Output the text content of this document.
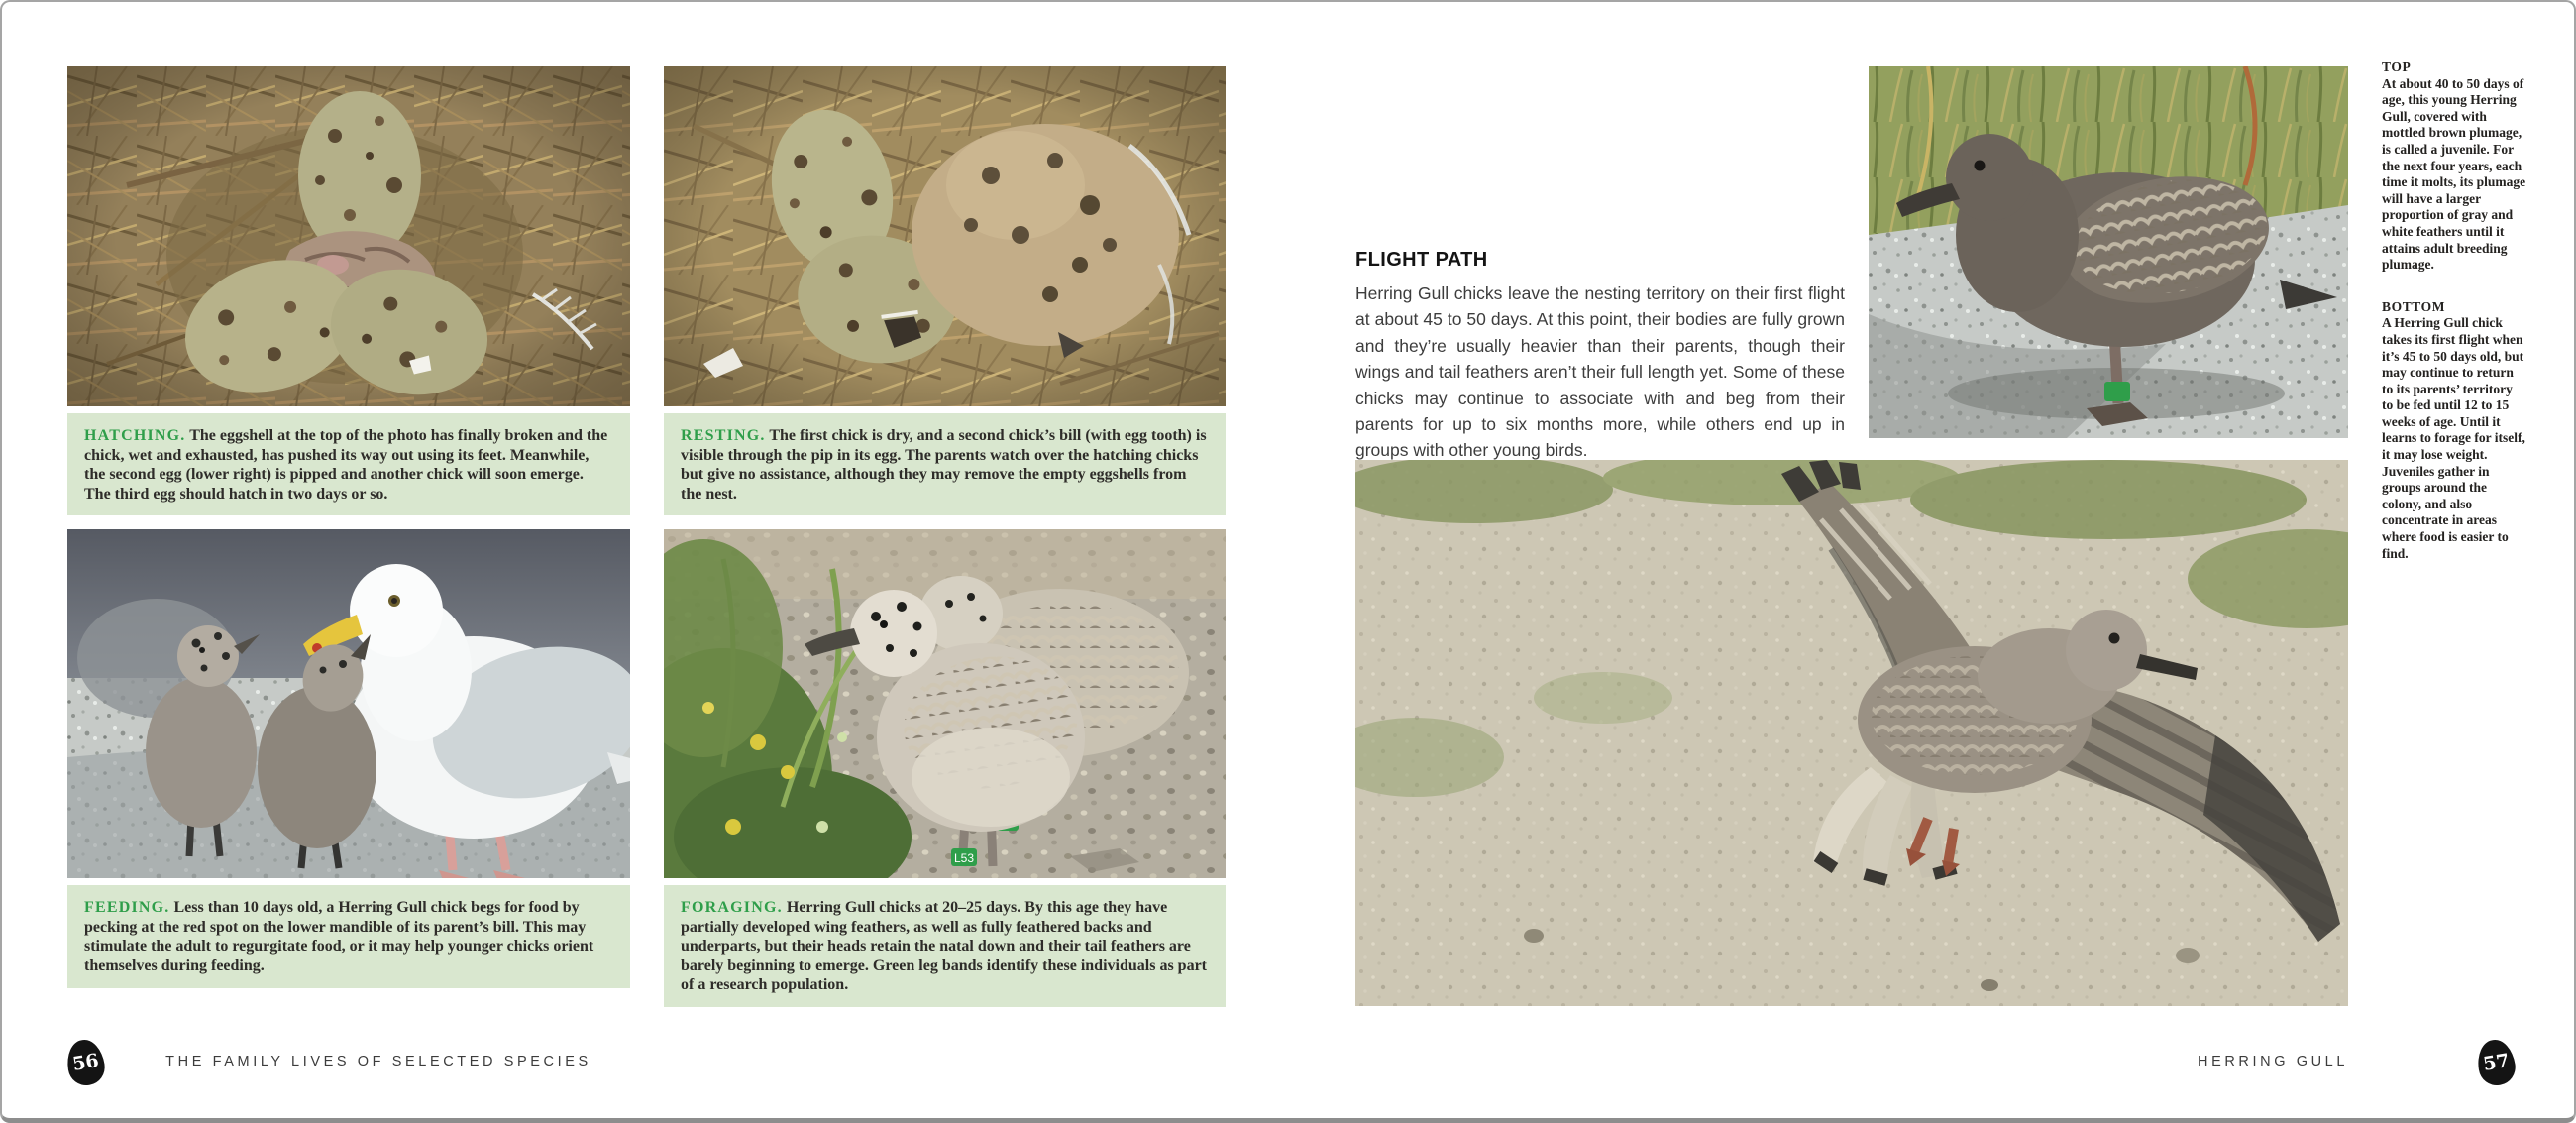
HATCHING. The eggshell at the top of the photo has finally broken and the chick, wet and exhausted, has pushed its way out using its feet. Meanwhile, the second egg (lower right) is pipped and another chick will soon emerge. The third egg should hatch in two days or so.

RESTING. The first chick is dry, and a second chick’s bill (with egg tooth) is visible through the pip in its egg. The parents watch over the hatching chicks but give no assistance, although they may remove the empty eggshells from the nest.

FEEDING. Less than 10 days old, a Herring Gull chick begs for food by pecking at the red spot on the lower mandible of its parent’s bill. This may stimulate the adult to regurgitate food, or it may help younger chicks orient themselves during feeding.

L53

FORAGING. Herring Gull chicks at 20–25 days. By this age they have partially developed wing feathers, as well as fully feathered backs and underparts, but their heads retain the natal down and their tail feathers are barely beginning to emerge. Green leg bands identify these individuals as part of a research population.

56	THE FAMILY LIVES OF SELECTED SPECIES
FLIGHT PATH

Herring Gull chicks leave the nesting territory on their first flight at about 45 to 50 days. At this point, their bodies are fully grown and they’re usually heavier than their parents, though their wings and tail feathers aren’t their full length yet. Some of these chicks may continue to associate with and beg from their parents for up to six months more, while others end up in groups with other young birds.

TOP

At about 40 to 50 days of age, this young Herring Gull, covered with mottled brown plumage, is called a juvenile. For the next four years, each time it molts, its plumage will have a larger proportion of gray and white feathers until it attains adult breeding plumage.

BOTTOM

A Herring Gull chick takes its first flight when it’s 45 to 50 days old, but may continue to return to its parents’ territory to be fed until 12 to 15 weeks of age. Until it learns to forage for itself, it may lose weight. Juveniles gather in groups around the colony, and also concentrate in areas where food is easier to find.

HERRING GULL	57
